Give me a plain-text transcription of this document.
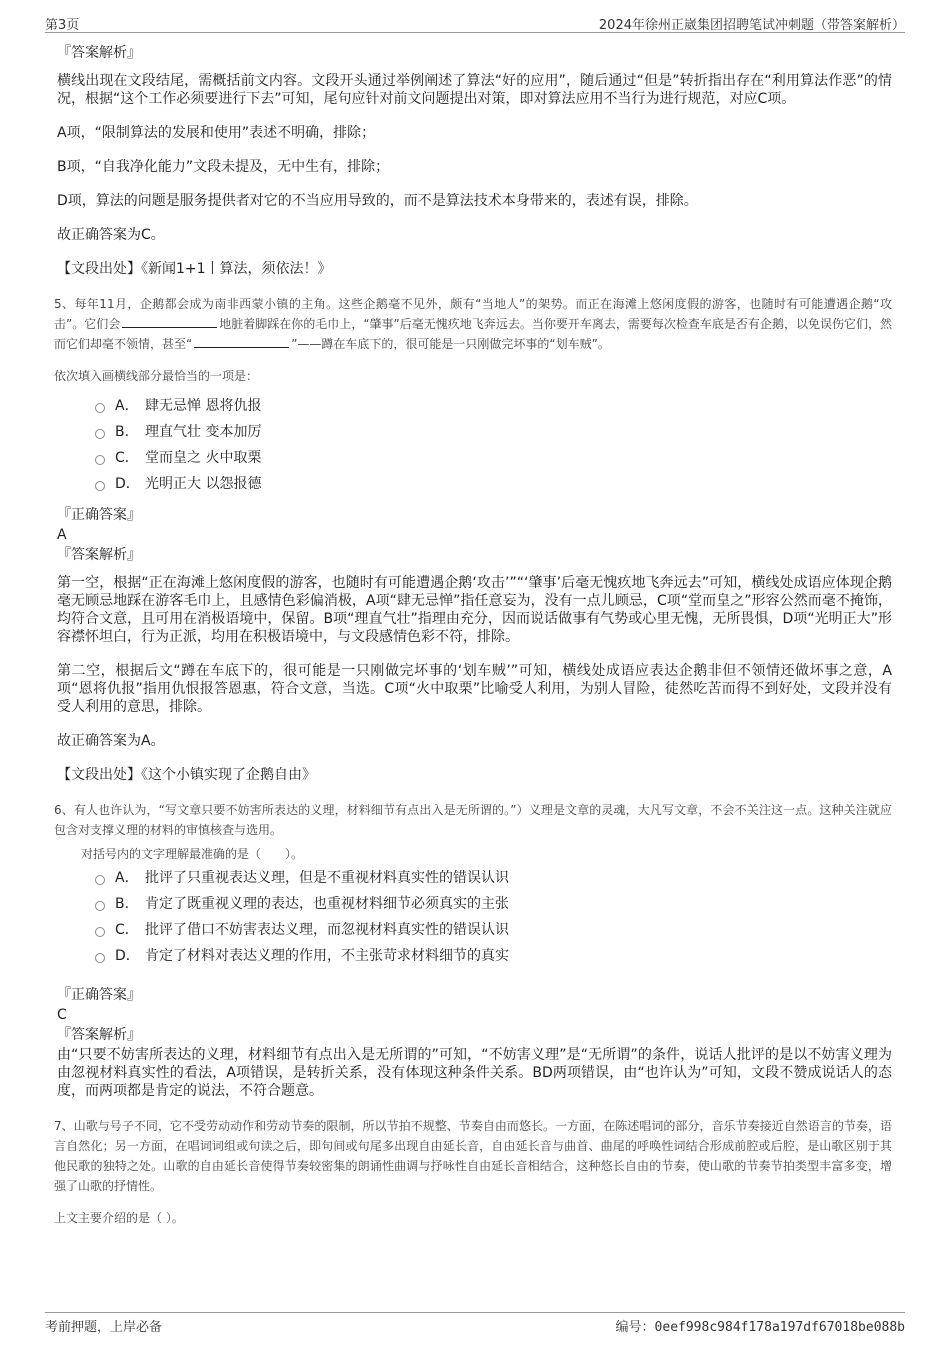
第3页	2024年徐州正崴集团招聘笔试冲刺题（带答案解析）
『答案解析』
横线出现在文段结尾，需概括前文内容。文段开头通过举例阐述了算法“好的应用”，随后通过“但是”转折指出存在“利用算法作恶”的情况，根据“这个工作必须要进行下去”可知，尾句应针对前文问题提出对策，即对算法应用不当行为进行规范，对应C项。
A项，“限制算法的发展和使用”表述不明确，排除；
B项，“自我净化能力”文段未提及，无中生有，排除；
D项，算法的问题是服务提供者对它的不当应用导致的，而不是算法技术本身带来的，表述有误，排除。
故正确答案为C。
【文段出处】《新闻1+1丨算法，须依法！》
5、每年11月，企鹅都会成为南非西蒙小镇的主角。这些企鹅毫不见外，颇有“当地人”的架势。而正在海滩上悠闲度假的游客，也随时有可能遭遇企鹅“攻击”。它们会	地脏着脚踩在你的毛巾上，“肇事”后毫无愧疚地飞奔远去。当你要开车离去，需要每次检查车底是否有企鹅，以免误伤它们，然而它们却毫不领情，甚至“	”——蹲在车底下的，很可能是一只刚做完坏事的“划车贼”。
依次填入画横线部分最恰当的一项是：
A． 肆无忌惮 恩将仇报
B． 理直气壮 变本加厉
C． 堂而皇之 火中取栗
D． 光明正大 以怨报德
『正确答案』
A
『答案解析』
第一空，根据“正在海滩上悠闲度假的游客，也随时有可能遭遇企鹅‘攻击’”“‘肇事’后毫无愧疚地飞奔远去”可知，横线处成语应体现企鹅毫无顾忌地踩在游客毛巾上，且感情色彩偏消极，A项“肆无忌惮”指任意妄为，没有一点儿顾忌，C项“堂而皇之”形容公然而毫不掩饰，均符合文意，且可用在消极语境中，保留。B项“理直气壮”指理由充分，因而说话做事有气势或心里无愧，无所畏惧，D项“光明正大”形容襟怀坦白，行为正派，均用在积极语境中，与文段感情色彩不符，排除。
第二空，根据后文“蹲在车底下的，很可能是一只刚做完坏事的‘划车贼’”可知，横线处成语应表达企鹅非但不领情还做坏事之意，A项“恩将仇报”指用仇恨报答恩惠，符合文意，当选。C项“火中取栗”比喻受人利用，为别人冒险，徒然吃苦而得不到好处，文段并没有受人利用的意思，排除。
故正确答案为A。
【文段出处】《这个小镇实现了企鹅自由》
6、有人也许认为，“写文章只要不妨害所表达的义理，材料细节有点出入是无所谓的。”）义理是文章的灵魂，大凡写文章，不会不关注这一点。这种关注就应包含对支撑义理的材料的审慎核查与选用。
对括号内的文字理解最准确的是（　　）。
A． 批评了只重视表达义理，但是不重视材料真实性的错误认识
B． 肯定了既重视义理的表达，也重视材料细节必须真实的主张
C． 批评了借口不妨害表达义理，而忽视材料真实性的错误认识
D． 肯定了材料对表达义理的作用，不主张苛求材料细节的真实
『正确答案』
C
『答案解析』
由“只要不妨害所表达的义理，材料细节有点出入是无所谓的”可知，“不妨害义理”是“无所谓”的条件，说话人批评的是以不妨害义理为由忽视材料真实性的看法，A项错误，是转折关系，没有体现这种条件关系。BD两项错误，由“也许认为”可知，文段不赞成说话人的态度，而两项都是肯定的说法，不符合题意。
7、山歌与号子不同，它不受劳动动作和劳动节奏的限制，所以节拍不规整、节奏自由而悠长。一方面，在陈述唱词的部分，音乐节奏接近自然语言的节奏，语言自然化；另一方面，在唱词词组或句读之后，即句间或句尾多出现自由延长音，自由延长音与曲首、曲尾的呼唤性词结合形成前腔或后腔，是山歌区别于其他民歌的独特之处。山歌的自由延长音使得节奏较密集的朗诵性曲调与抒咏性自由延长音相结合，这种悠长自由的节奏，使山歌的节奏节拍类型丰富多变，增强了山歌的抒情性。
上文主要介绍的是（ ）。
考前押题，上岸必备	编号：0eef998c984f178a197df67018be088b
